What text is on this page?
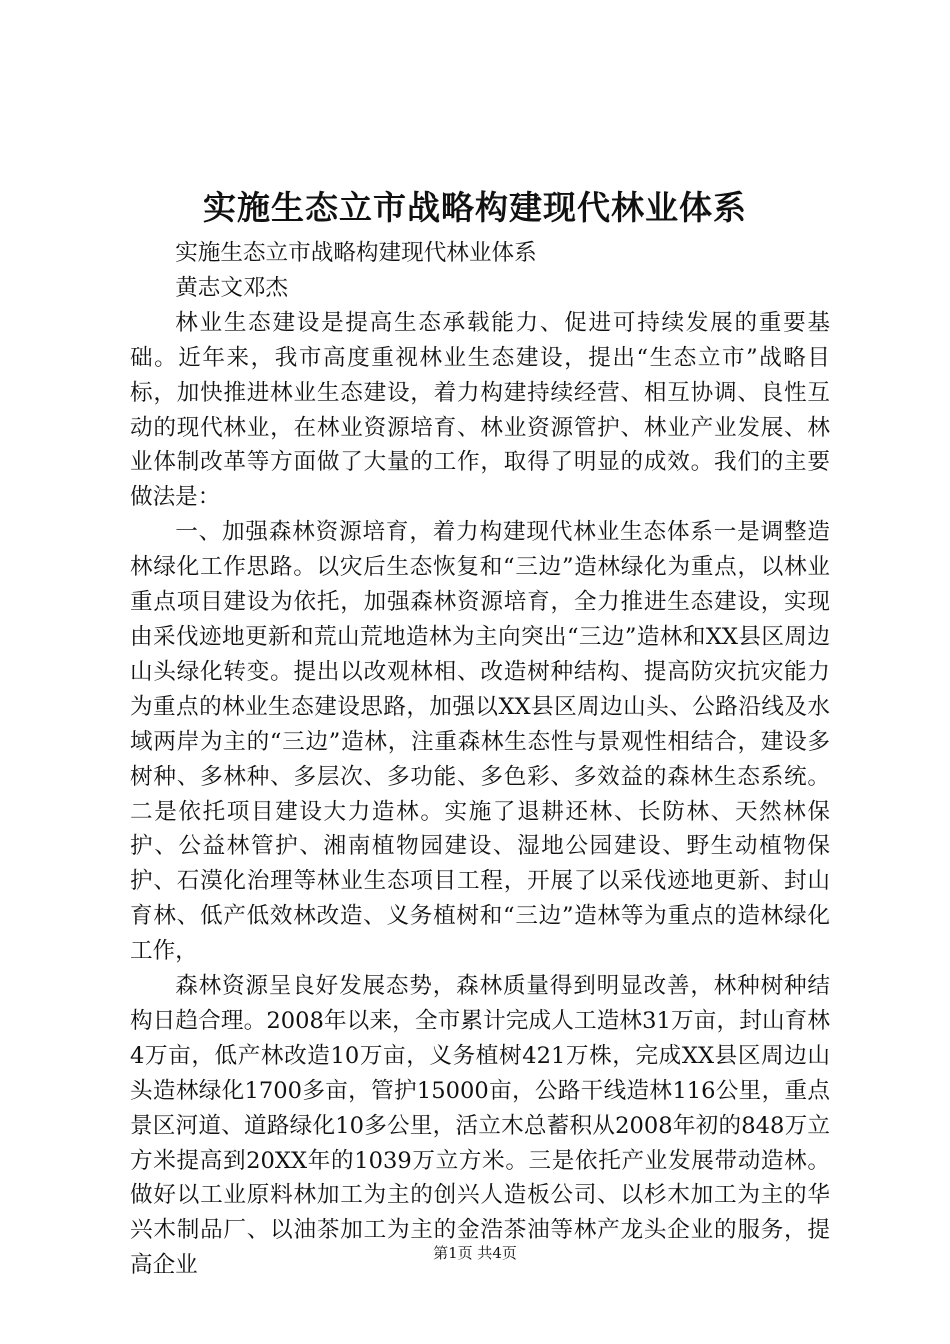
实施生态立市战略构建现代林业体系

实施生态立市战略构建现代林业体系

黄志文邓杰

林业生态建设是提高生态承载能力、促进可持续发展的重要基础。近年来，我市高度重视林业生态建设，提出“生态立市”战略目标，加快推进林业生态建设，着力构建持续经营、相互协调、良性互动的现代林业，在林业资源培育、林业资源管护、林业产业发展、林业体制改革等方面做了大量的工作，取得了明显的成效。我们的主要做法是：

一、加强森林资源培育，着力构建现代林业生态体系一是调整造林绿化工作思路。以灾后生态恢复和“三边”造林绿化为重点，以林业重点项目建设为依托，加强森林资源培育，全力推进生态建设，实现由采伐迹地更新和荒山荒地造林为主向突出“三边”造林和XX县区周边山头绿化转变。提出以改观林相、改造树种结构、提高防灾抗灾能力为重点的林业生态建设思路，加强以XX县区周边山头、公路沿线及水域两岸为主的“三边”造林，注重森林生态性与景观性相结合，建设多树种、多林种、多层次、多功能、多色彩、多效益的森林生态系统。二是依托项目建设大力造林。实施了退耕还林、长防林、天然林保护、公益林管护、湘南植物园建设、湿地公园建设、野生动植物保护、石漠化治理等林业生态项目工程，开展了以采伐迹地更新、封山育林、低产低效林改造、义务植树和“三边”造林等为重点的造林绿化工作，

森林资源呈良好发展态势，森林质量得到明显改善，林种树种结构日趋合理。2008年以来，全市累计完成人工造林31万亩，封山育林4万亩，低产林改造10万亩，义务植树421万株，完成XX县区周边山头造林绿化1700多亩，管护15000亩，公路干线造林116公里，重点景区河道、道路绿化10多公里，活立木总蓄积从2008年初的848万立方米提高到20XX年的1039万立方米。三是依托产业发展带动造林。做好以工业原料林加工为主的创兴人造板公司、以杉木加工为主的华兴木制品厂、以油茶加工为主的金浩茶油等林产龙头企业的服务，提高企业	第1页 共4页
